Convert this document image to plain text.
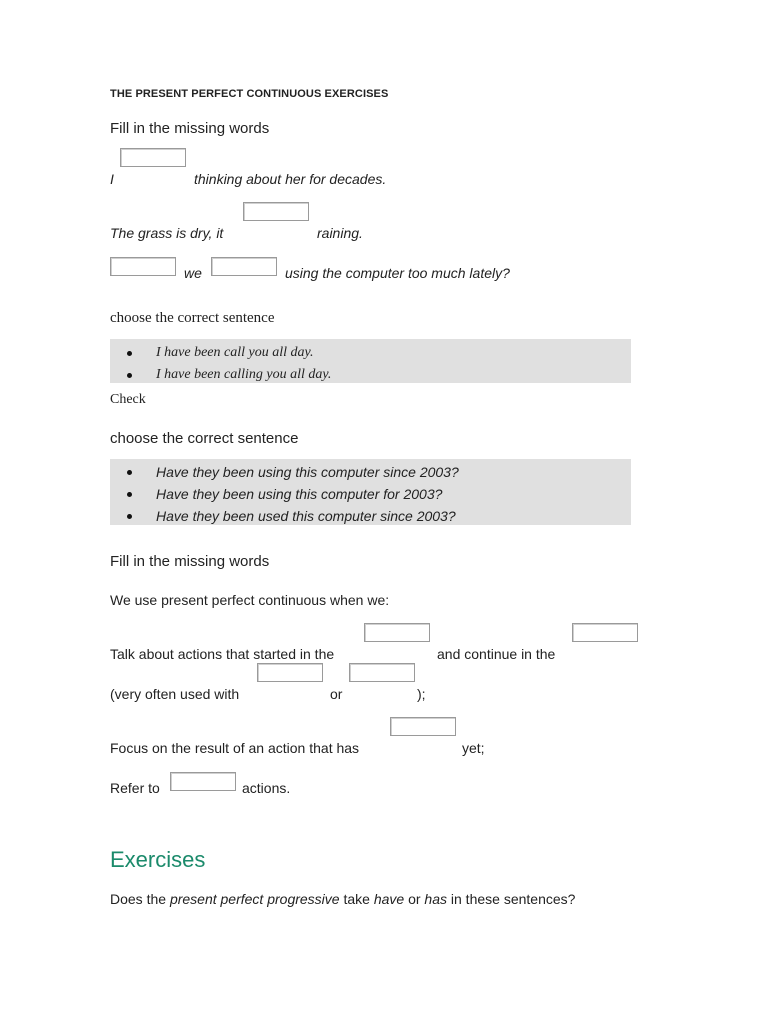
THE PRESENT PERFECT CONTINUOUS EXERCISES
Fill in the missing words
I	thinking about her for decades.
The grass is dry, it	raining.
we	using the computer too much lately?
choose the correct sentence
I have been call you all day.
I have been calling you all day.
Check
choose the correct sentence
Have they been using this computer since 2003?
Have they been using this computer for 2003?
Have they been used this computer since 2003?
Fill in the missing words
We use present perfect continuous when we:
Talk about actions that started in the	and continue in the
(very often used with	or	);
Focus on the result of an action that has	yet;
Refer to	actions.
Exercises
Does the present perfect progressive take have or has in these sentences?
